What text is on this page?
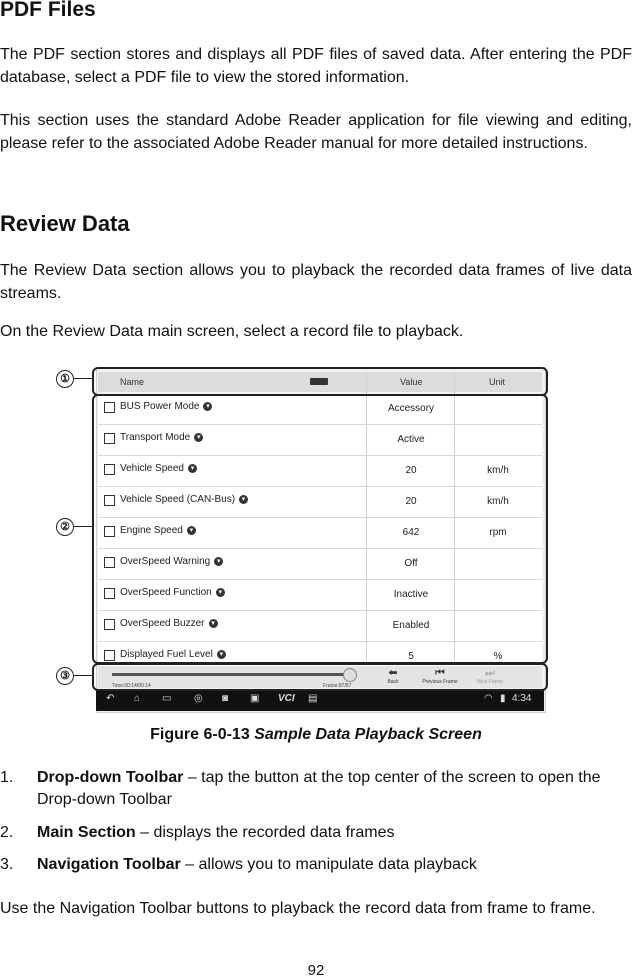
PDF Files

The PDF section stores and displays all PDF files of saved data. After entering the PDF database, select a PDF file to view the stored information.

This section uses the standard Adobe Reader application for file viewing and editing, please refer to the associated Adobe Reader manual for more detailed instructions.

Review Data

The Review Data section allows you to playback the recorded data frames of live data streams.

On the Review Data main screen, select a record file to playback.

Name	Value	Unit
BUS Power Mode ▾	Accessory
Transport Mode ▾	Active
Vehicle Speed ▾	20	km/h
Vehicle Speed (CAN-Bus) ▾	20	km/h
Engine Speed ▾	642	rpm
OverSpeed Warning ▾	Off
OverSpeed Function ▾	Inactive
OverSpeed Buzzer ▾	Enabled
Displayed Fuel Level ▾	5	%
Time:00:14/00:14	Frame:87/87
⬅
Back
⏮
Previous Frame
⏭
Next Frame
↶ ⌂ ▭ ◎ ◙ ▣ VCI ▤	◠ ▮ 4:34
①
②
③
Figure 6-0-13 Sample Data Playback Screen
1. Drop-down Toolbar – tap the button at the top center of the screen to open the Drop-down Toolbar
2. Main Section – displays the recorded data frames
3. Navigation Toolbar – allows you to manipulate data playback

Use the Navigation Toolbar buttons to playback the record data from frame to frame.

92
